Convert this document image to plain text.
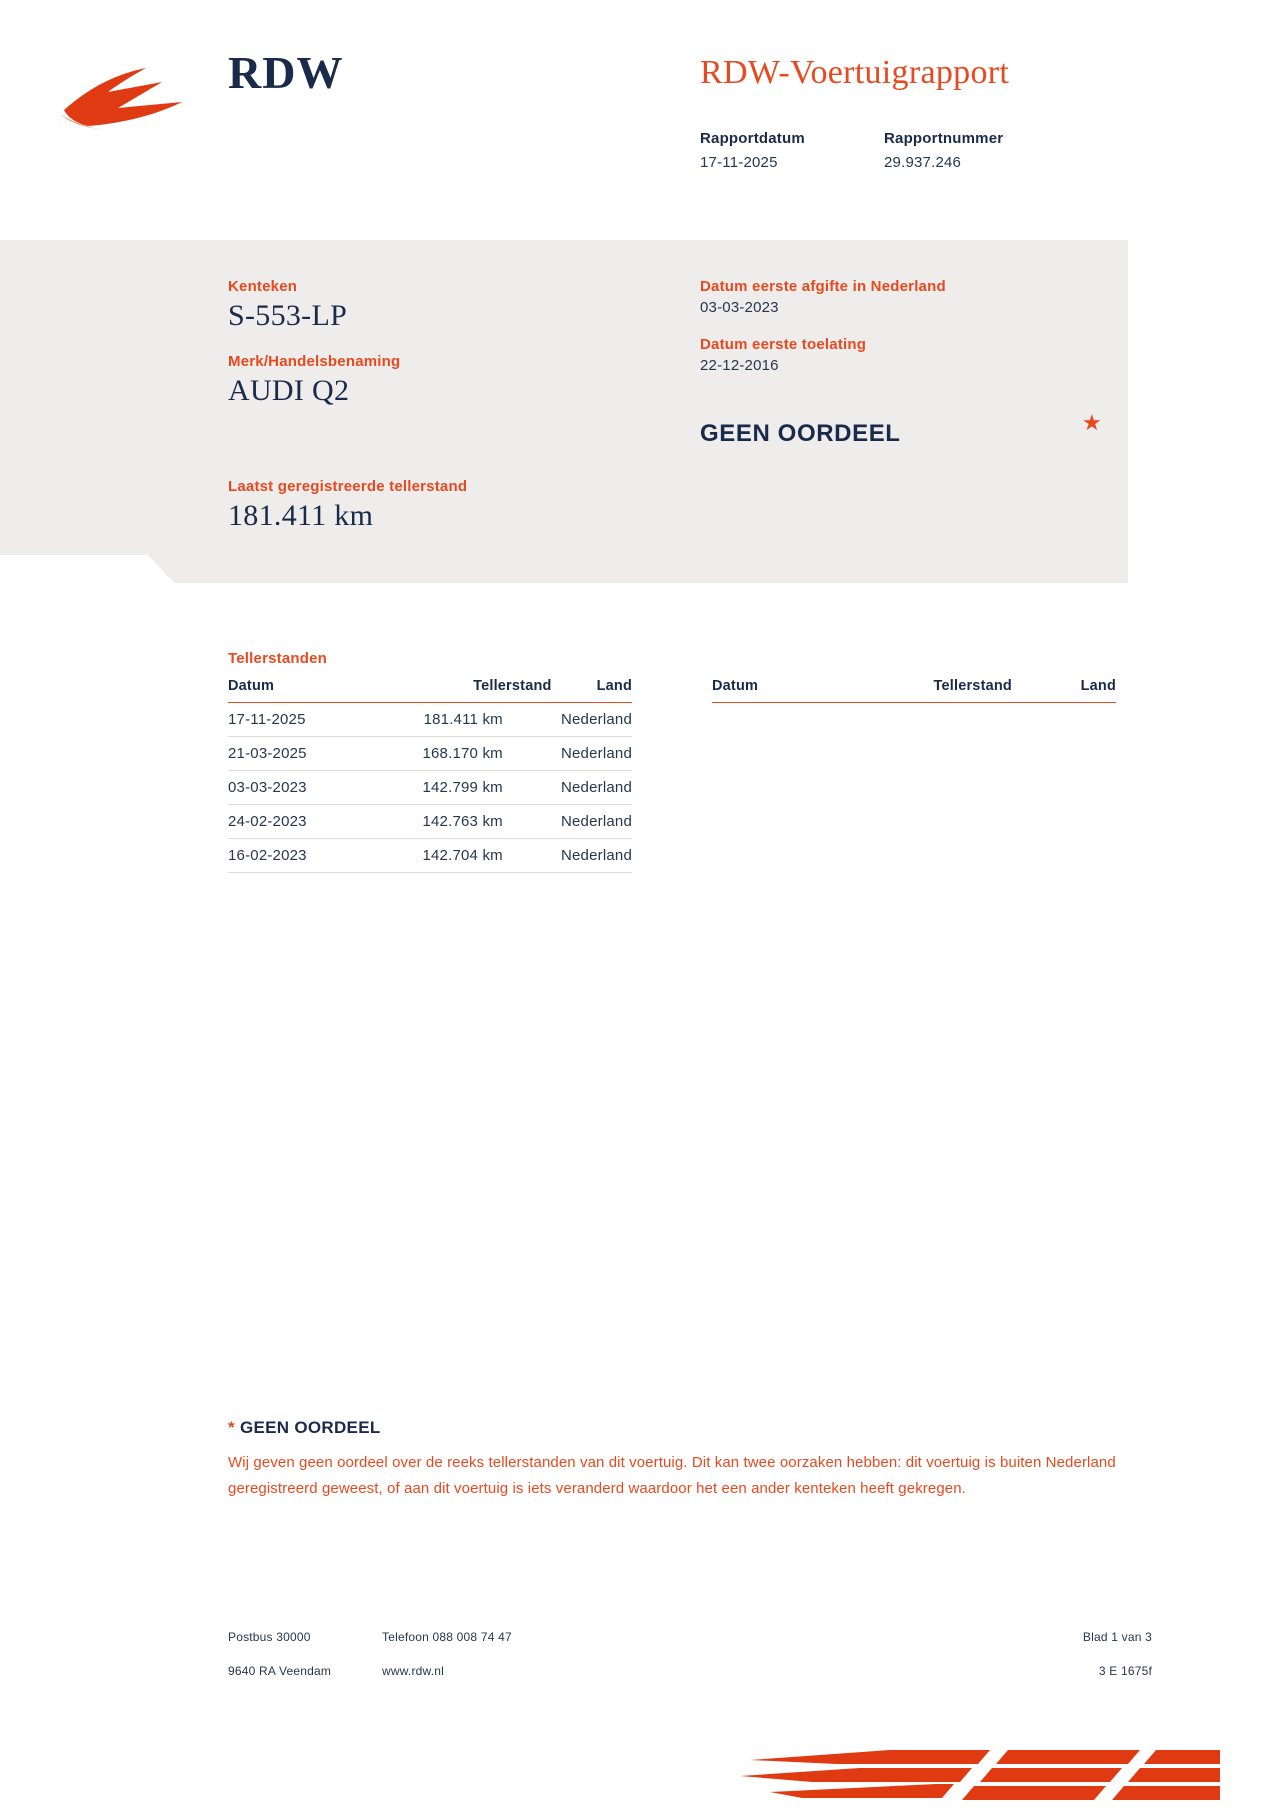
RDW	RDW-Voertuigrapport
Rapportdatum
17-11-2025
Rapportnummer
29.937.246
Kenteken
S-553-LP
Merk/Handelsbenaming
AUDI Q2
Datum eerste afgifte in Nederland
03-03-2023
Datum eerste toelating
22-12-2016
GEEN OORDEEL	★
Laatst geregistreerde tellerstand
181.411 km
Tellerstanden
Datum	Tellerstand	Land
17-11-2025	181.411 km	Nederland
21-03-2025	168.170 km	Nederland
03-03-2023	142.799 km	Nederland
24-02-2023	142.763 km	Nederland
16-02-2023	142.704 km	Nederland
Datum	Tellerstand	Land
* GEEN OORDEEL
Wij geven geen oordeel over de reeks tellerstanden van dit voertuig. Dit kan twee oorzaken hebben: dit voertuig is buiten Nederland geregistreerd geweest, of aan dit voertuig is iets veranderd waardoor het een ander kenteken heeft gekregen.
Postbus 30000
9640 RA Veendam
Telefoon 088 008 74 47
www.rdw.nl
Blad 1 van 3
3 E 1675f
